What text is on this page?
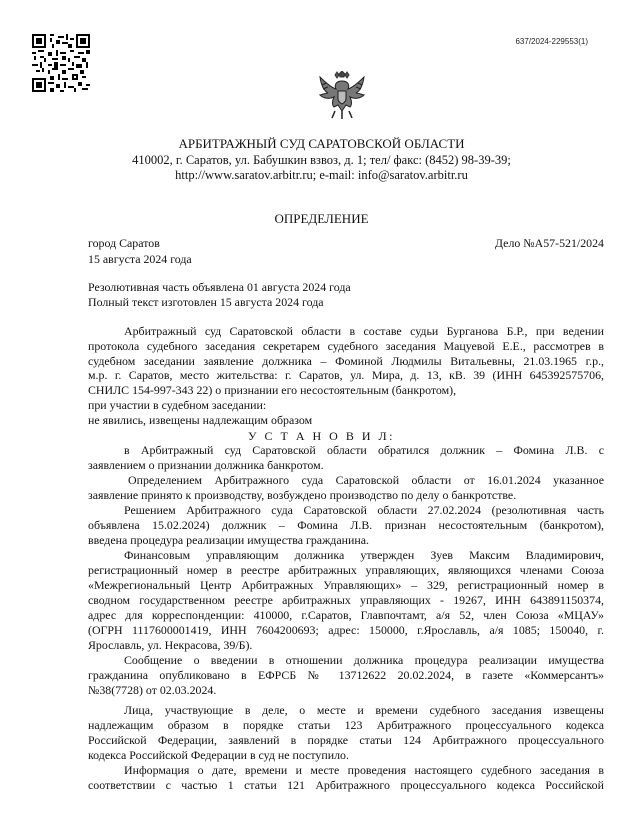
637/2024-229553(1)
АРБИТРАЖНЫЙ СУД САРАТОВСКОЙ ОБЛАСТИ
410002, г. Саратов, ул. Бабушкин взвоз, д. 1; тел/ факс: (8452) 98-39-39;
http://www.saratov.arbitr.ru; e-mail: info@saratov.arbitr.ru
ОПРЕДЕЛЕНИЕ
город Саратов	Дело №А57-521/2024
15 августа 2024 года
Резолютивная часть объявлена 01 августа 2024 года
Полный текст изготовлен 15 августа 2024 года
Арбитражный суд Саратовской области в составе судьи Бурганова Б.Р., при ведении
протокола судебного заседания секретарем судебного заседания Мацуевой Е.Е., рассмотрев в
судебном заседании заявление должника – Фоминой Людмилы Витальевны, 21.03.1965 г.р.,
м.р. г. Саратов, место жительства: г. Саратов, ул. Мира, д. 13, кВ. 39 (ИНН 645392575706,
СНИЛС 154-997-343 22) о признании его несостоятельным (банкротом),
при участии в судебном заседании:
не явились, извещены надлежащим образом
У С Т А Н О В И Л:
в Арбитражный суд Саратовской области обратился должник – Фомина Л.В. с
заявлением о признании должника банкротом.
Определением Арбитражного суда Саратовской области от 16.01.2024 указанное
заявление принято к производству, возбуждено производство по делу о банкротстве.
Решением Арбитражного суда Саратовской области 27.02.2024 (резолютивная часть
объявлена 15.02.2024) должник – Фомина Л.В. признан несостоятельным (банкротом),
введена процедура реализации имущества гражданина.
Финансовым управляющим должника утвержден Зуев Максим Владимирович,
регистрационный номер в реестре арбитражных управляющих, являющихся членами Союза
«Межрегиональный Центр Арбитражных Управляющих» – 329, регистрационный номер в
сводном государственном реестре арбитражных управляющих - 19267, ИНН 643891150374,
адрес для корреспонденции: 410000, г.Саратов, Главпочтамт, а/я 52, член Союза «МЦАУ»
(ОГРН 1117600001419, ИНН 7604200693; адрес: 150000, г.Ярославль, а/я 1085; 150040, г.
Ярославль, ул. Некрасова, 39/Б).
Сообщение о введении в отношении должника процедура реализации имущества
гражданина опубликовано в ЕФРСБ № 13712622 20.02.2024, в газете «Коммерсантъ»
№38(7728) от 02.03.2024.
Лица, участвующие в деле, о месте и времени судебного заседания извещены
надлежащим образом в порядке статьи 123 Арбитражного процессуального кодекса
Российской Федерации, заявлений в порядке статьи 124 Арбитражного процессуального
кодекса Российской Федерации в суд не поступило.
Информация о дате, времени и месте проведения настоящего судебного заседания в
соответствии с частью 1 статьи 121 Арбитражного процессуального кодекса Российской
